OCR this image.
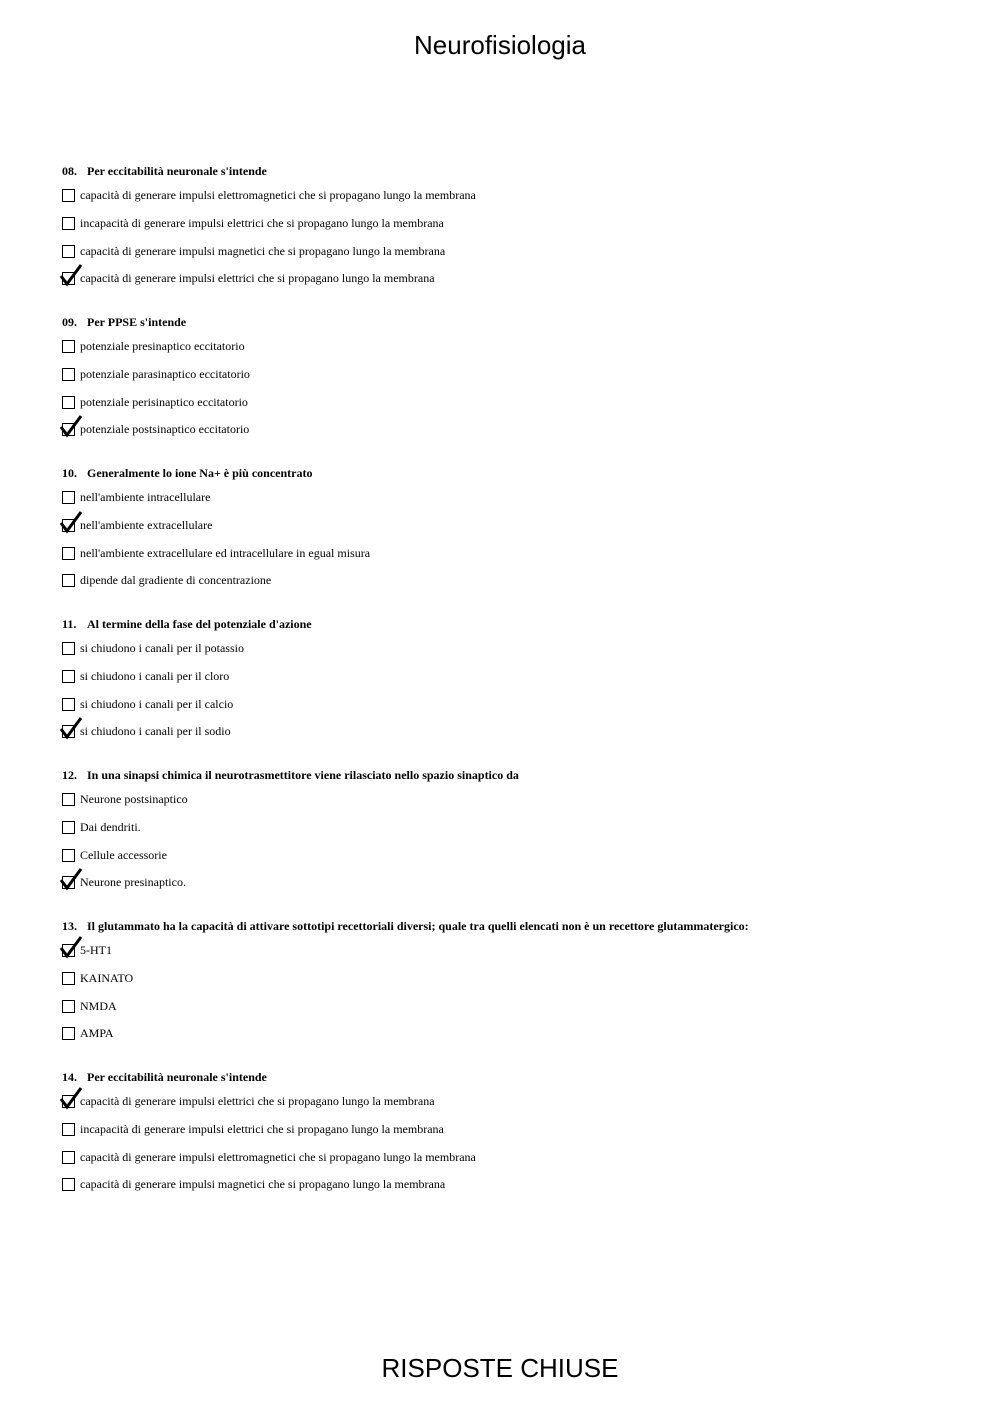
Neurofisiologia
08. Per eccitabilità neuronale s'intende
capacità di generare impulsi elettromagnetici che si propagano lungo la membrana
incapacità di generare impulsi elettrici che si propagano lungo la membrana
capacità di generare impulsi magnetici che si propagano lungo la membrana
capacità di generare impulsi elettrici che si propagano lungo la membrana
09. Per PPSE s'intende
potenziale presinaptico eccitatorio
potenziale parasinaptico eccitatorio
potenziale perisinaptico eccitatorio
potenziale postsinaptico eccitatorio
10. Generalmente lo ione Na+ è più concentrato
nell'ambiente intracellulare
nell'ambiente extracellulare
nell'ambiente extracellulare ed intracellulare in egual misura
dipende dal gradiente di concentrazione
11. Al termine della fase del potenziale d'azione
si chiudono i canali per il potassio
si chiudono i canali per il cloro
si chiudono i canali per il calcio
si chiudono i canali per il sodio
12. In una sinapsi chimica il neurotrasmettitore viene rilasciato nello spazio sinaptico da
Neurone postsinaptico
Dai dendriti.
Cellule accessorie
Neurone presinaptico.
13. Il glutammato ha la capacità di attivare sottotipi recettoriali diversi; quale tra quelli elencati non è un recettore glutammatergico:
5-HT1
KAINATO
NMDA
AMPA
14. Per eccitabilità neuronale s'intende
capacità di generare impulsi elettrici che si propagano lungo la membrana
incapacità di generare impulsi elettrici che si propagano lungo la membrana
capacità di generare impulsi elettromagnetici che si propagano lungo la membrana
capacità di generare impulsi magnetici che si propagano lungo la membrana
RISPOSTE CHIUSE
